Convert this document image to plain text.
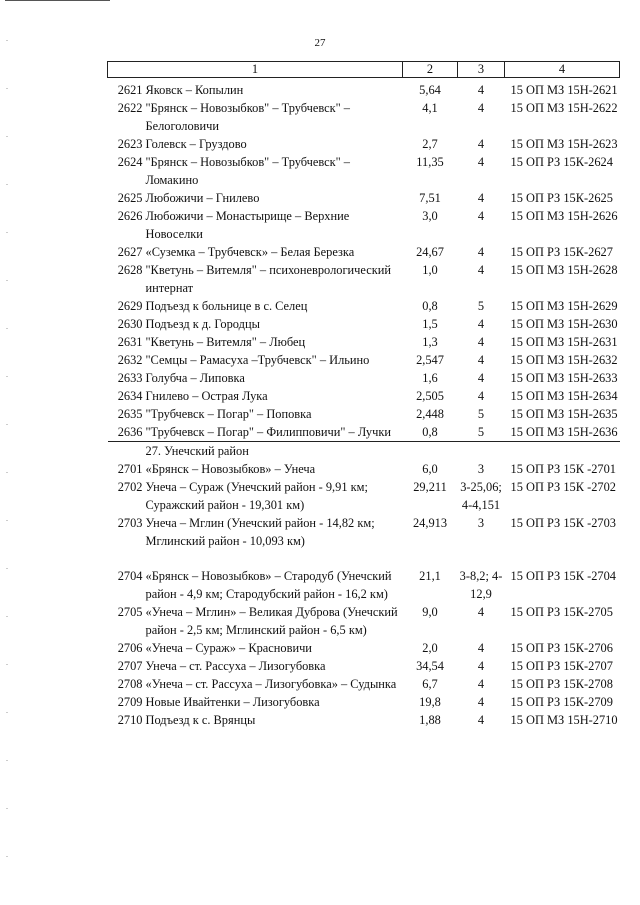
27
1		2	3	4
2621	Яковск – Копылин	5,64	4	15 ОП МЗ 15Н-2621
2622	"Брянск – Новозыбков" – Трубчевск" – Белоголовичи	4,1	4	15 ОП МЗ 15Н-2622
2623	Голевск – Груздово	2,7	4	15 ОП МЗ 15Н-2623
2624	"Брянск – Новозыбков" – Трубчевск" – Ломакино	11,35	4	15 ОП РЗ 15К-2624
2625	Любожичи – Гнилево	7,51	4	15 ОП РЗ 15К-2625
2626	Любожичи – Монастырище – Верхние Новоселки	3,0	4	15 ОП МЗ 15Н-2626
2627	«Суземка – Трубчевск» – Белая Березка	24,67	4	15 ОП РЗ 15К-2627
2628	"Кветунь – Витемля" – психоневрологический интернат	1,0	4	15 ОП МЗ 15Н-2628
2629	Подъезд к больнице в с. Селец	0,8	5	15 ОП МЗ 15Н-2629
2630	Подъезд к д. Городцы	1,5	4	15 ОП МЗ 15Н-2630
2631	"Кветунь – Витемля" – Любец	1,3	4	15 ОП МЗ 15Н-2631
2632	"Семцы – Рамасуха –Трубчевск" – Ильино	2,547	4	15 ОП МЗ 15Н-2632
2633	Голубча – Липовка	1,6	4	15 ОП МЗ 15Н-2633
2634	Гнилево – Острая Лука	2,505	4	15 ОП МЗ 15Н-2634
2635	"Трубчевск – Погар" – Поповка	2,448	5	15 ОП МЗ 15Н-2635
2636	"Трубчевск – Погар" – Филипповичи" – Лучки	0,8	5	15 ОП МЗ 15Н-2636
	27. Унечский район			
2701	«Брянск – Новозыбков» – Унеча	6,0	3	15 ОП РЗ 15К -2701
2702	Унеча – Сураж (Унечский район - 9,91 км; Суражский район - 19,301 км)	29,211	3-25,06; 4-4,151	15 ОП РЗ 15К -2702
2703	Унеча – Мглин (Унечский район - 14,82 км; Мглинский район - 10,093 км)	24,913	3	15 ОП РЗ 15К -2703
2704	«Брянск – Новозыбков» – Стародуб (Унечский район - 4,9 км; Стародубский район - 16,2 км)	21,1	3-8,2; 4-12,9	15 ОП РЗ 15К -2704
2705	«Унеча – Мглин» – Великая Дуброва (Унечский район - 2,5 км; Мглинский район - 6,5 км)	9,0	4	15 ОП РЗ 15К-2705
2706	«Унеча – Сураж» – Красновичи	2,0	4	15 ОП РЗ 15К-2706
2707	Унеча – ст. Рассуха – Лизогубовка	34,54	4	15 ОП РЗ 15К-2707
2708	«Унеча – ст. Рассуха – Лизогубовка» – Судынка	6,7	4	15 ОП РЗ 15К-2708
2709	Новые Ивайтенки – Лизогубовка	19,8	4	15 ОП РЗ 15К-2709
2710	Подъезд к с. Врянцы	1,88	4	15 ОП МЗ 15Н-2710
